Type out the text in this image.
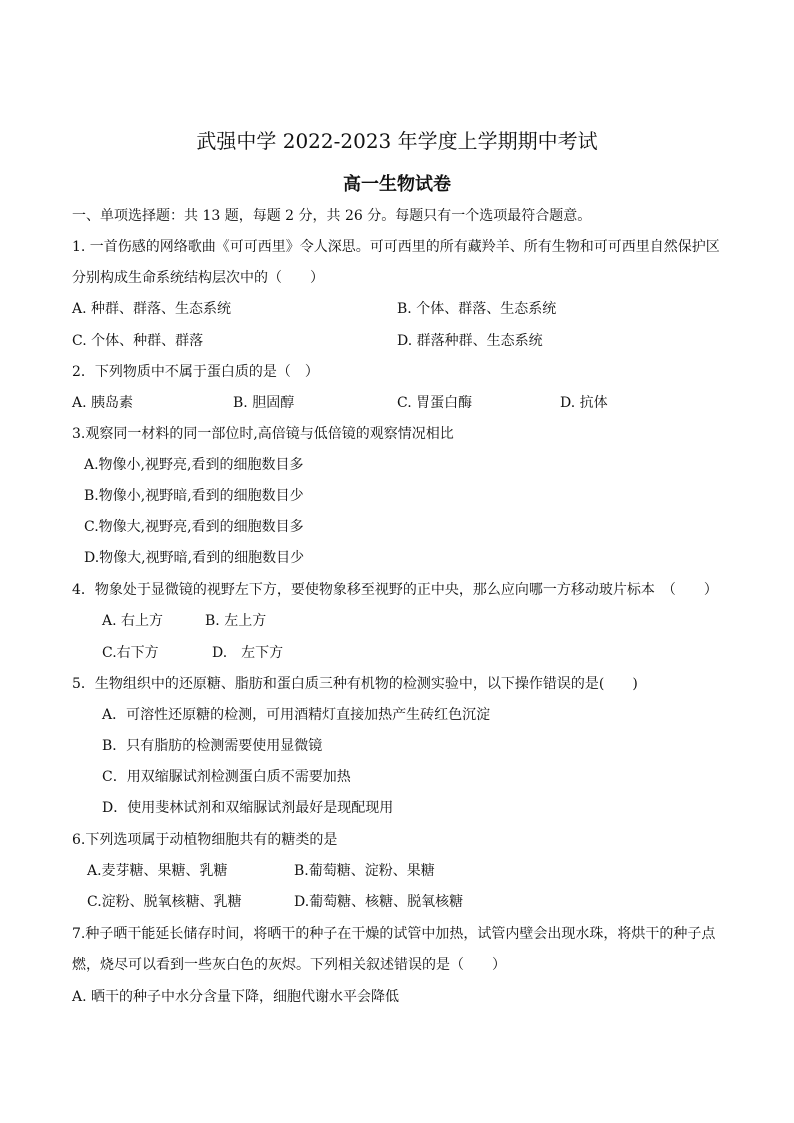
武强中学 2022-2023 年学度上学期期中考试
高一生物试卷
一、单项选择题：共 13 题，每题 2 分，共 26 分。每题只有一个选项最符合题意。
1. 一首伤感的网络歌曲《可可西里》令人深思。可可西里的所有藏羚羊、所有生物和可可西里自然保护区
分别构成生命系统结构层次中的（　　）
A. 种群、群落、生态系统	B. 个体、群落、生态系统
C. 个体、种群、群落	D. 群落种群、生态系统
2．下列物质中不属于蛋白质的是（　）
A. 胰岛素	B. 胆固醇	C. 胃蛋白酶	D. 抗体
3.观察同一材料的同一部位时,高倍镜与低倍镜的观察情况相比
A.物像小,视野亮,看到的细胞数目多
B.物像小,视野暗,看到的细胞数目少
C.物像大,视野亮,看到的细胞数目多
D.物像大,视野暗,看到的细胞数目少
4．物象处于显微镜的视野左下方，要使物象移至视野的正中央，那么应向哪一方移动玻片标本　（　　）
A. 右上方	B. 左上方
C.右下方	D.　左下方
5．生物组织中的还原糖、脂肪和蛋白质三种有机物的检测实验中，以下操作错误的是(　　)
A．可溶性还原糖的检测，可用酒精灯直接加热产生砖红色沉淀
B．只有脂肪的检测需要使用显微镜
C．用双缩脲试剂检测蛋白质不需要加热
D．使用斐林试剂和双缩脲试剂最好是现配现用
6.下列选项属于动植物细胞共有的糖类的是
A.麦芽糖、果糖、乳糖	B.葡萄糖、淀粉、果糖
C.淀粉、脱氧核糖、乳糖	D.葡萄糖、核糖、脱氧核糖
7.种子晒干能延长储存时间，将晒干的种子在干燥的试管中加热，试管内壁会出现水珠，将烘干的种子点
燃，烧尽可以看到一些灰白色的灰烬。下列相关叙述错误的是（　　）
A. 晒干的种子中水分含量下降，细胞代谢水平会降低
